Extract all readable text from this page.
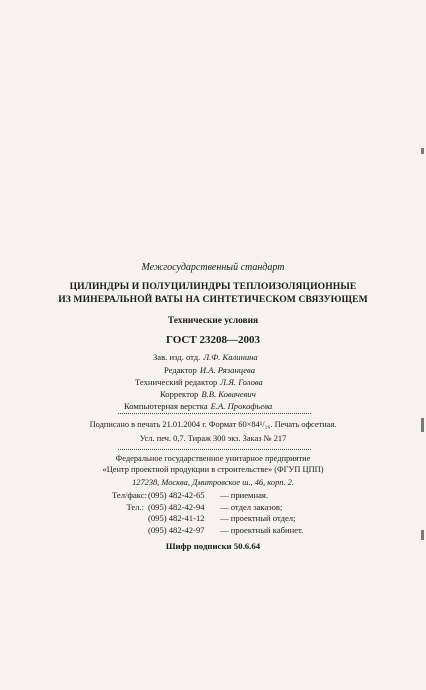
Межгосударственный стандарт
ЦИЛИНДРЫ И ПОЛУЦИЛИНДРЫ ТЕПЛОИЗОЛЯЦИОННЫЕ
ИЗ МИНЕРАЛЬНОЙ ВАТЫ НА СИНТЕТИЧЕСКОМ СВЯЗУЮЩЕМ
Технические условия
ГОСТ 23208—2003
Зав. изд. отд. Л.Ф. Калинина
Редактор И.А. Рязанцева
Технический редактор Л.Я. Голова
Корректор В.В. Ковачевич
Компьютерная верстка Е.А. Прокофьева
Подписано в печать 21.01.2004 г. Формат 60×84¹/₁₆. Печать офсетная.
Усл. печ. 0,7. Тираж 300 экз. Заказ № 217
Федеральное государственное унитарное предприятие
«Центр проектной продукции в строительстве» (ФГУП ЦПП)
127238, Москва, Дмитровское ш., 46, корп. 2.
Тел/факс:(095) 482-42-65 — приемная.
Тел.: (095) 482-42-94 — отдел заказов;
(095) 482-41-12 — проектный отдел;
(095) 482-42-97 — проектный кабинет.
Шифр подписки 50.6.64
